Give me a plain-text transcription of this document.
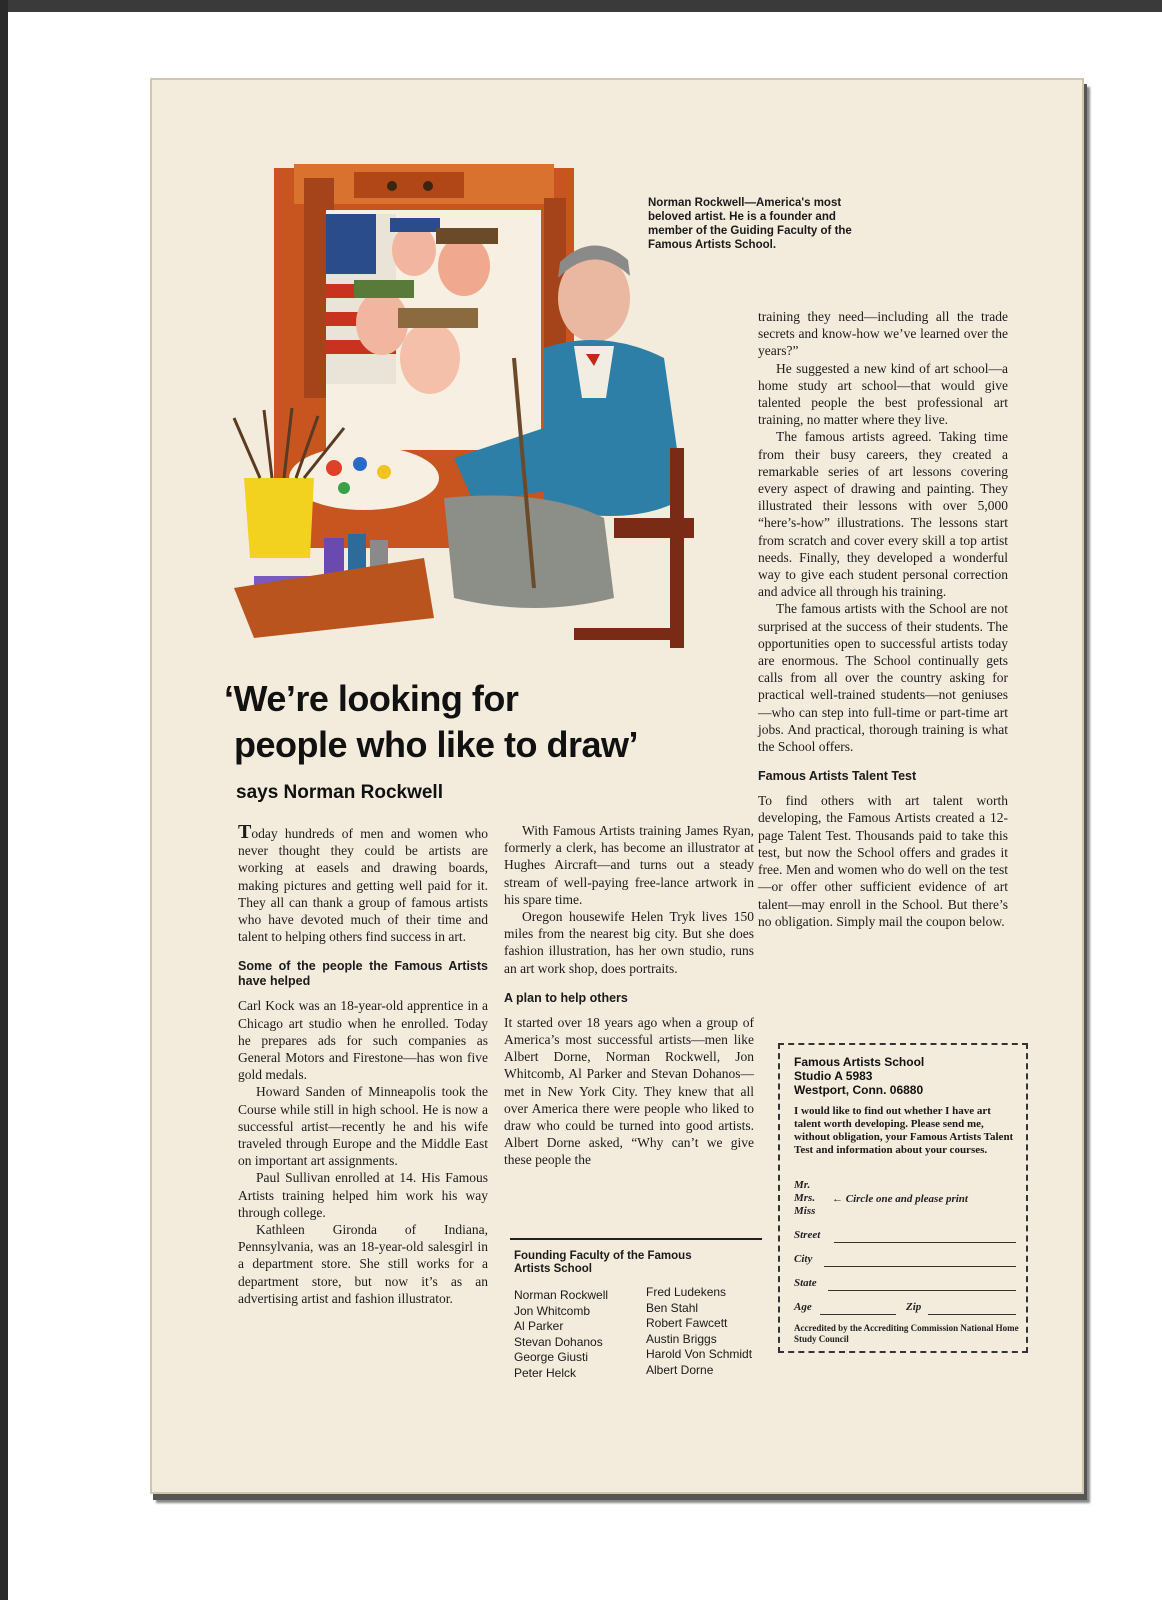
Norman Rockwell—America's most beloved artist. He is a founder and member of the Guiding Faculty of the Famous Artists School.
‘We’re looking for
people who like to draw’
says Norman Rockwell

Today hundreds of men and women who never thought they could be artists are working at easels and drawing boards, making pictures and getting well paid for it. They all can thank a group of famous artists who have devoted much of their time and talent to helping others find success in art.

Some of the people the Famous Artists have helped

Carl Kock was an 18-year-old apprentice in a Chicago art studio when he enrolled. Today he prepares ads for such companies as General Motors and Firestone—has won five gold medals.

Howard Sanden of Minneapolis took the Course while still in high school. He is now a successful artist—recently he and his wife traveled through Europe and the Middle East on important art assignments.

Paul Sullivan enrolled at 14. His Famous Artists training helped him work his way through college.

Kathleen Gironda of Indiana, Pennsylvania, was an 18-year-old salesgirl in a department store. She still works for a department store, but now it’s as an advertising artist and fashion illustrator.

With Famous Artists training James Ryan, formerly a clerk, has become an illustrator at Hughes Aircraft—and turns out a steady stream of well-paying free-lance artwork in his spare time.

Oregon housewife Helen Tryk lives 150 miles from the nearest big city. But she does fashion illustration, has her own studio, runs an art work shop, does portraits.

A plan to help others

It started over 18 years ago when a group of America’s most successful artists—men like Albert Dorne, Norman Rockwell, Jon Whitcomb, Al Parker and Stevan Dohanos—met in New York City. They knew that all over America there were people who liked to draw who could be turned into good artists. Albert Dorne asked, “Why can’t we give these people the

Founding Faculty of the Famous Artists School
Norman Rockwell
Jon Whitcomb
Al Parker
Stevan Dohanos
George Giusti
Peter Helck
Fred Ludekens
Ben Stahl
Robert Fawcett
Austin Briggs
Harold Von Schmidt
Albert Dorne

training they need—including all the trade secrets and know-how we’ve learned over the years?”

He suggested a new kind of art school—a home study art school—that would give talented people the best professional art training, no matter where they live.

The famous artists agreed. Taking time from their busy careers, they created a remarkable series of art lessons covering every aspect of drawing and painting. They illustrated their lessons with over 5,000 “here’s-how” illustrations. The lessons start from scratch and cover every skill a top artist needs. Finally, they developed a wonderful way to give each student personal correction and advice all through his training.

The famous artists with the School are not surprised at the success of their students. The opportunities open to successful artists today are enormous. The School continually gets calls from all over the country asking for practical well-trained students—not geniuses—who can step into full-time or part-time art jobs. And practical, thorough training is what the School offers.

Famous Artists Talent Test

To find others with art talent worth developing, the Famous Artists created a 12-page Talent Test. Thousands paid to take this test, but now the School offers and grades it free. Men and women who do well on the test—or offer other sufficient evidence of art talent—may enroll in the School. But there’s no obligation. Simply mail the coupon below.

Famous Artists School
Studio A 5983
Westport, Conn. 06880
I would like to find out whether I have art talent worth developing. Please send me, without obligation, your Famous Artists Talent Test and information about your courses.
Mr. Mrs. Miss
← Circle one and please print
Street
City
State
Age	Zip
Accredited by the Accrediting Commission National Home Study Council
